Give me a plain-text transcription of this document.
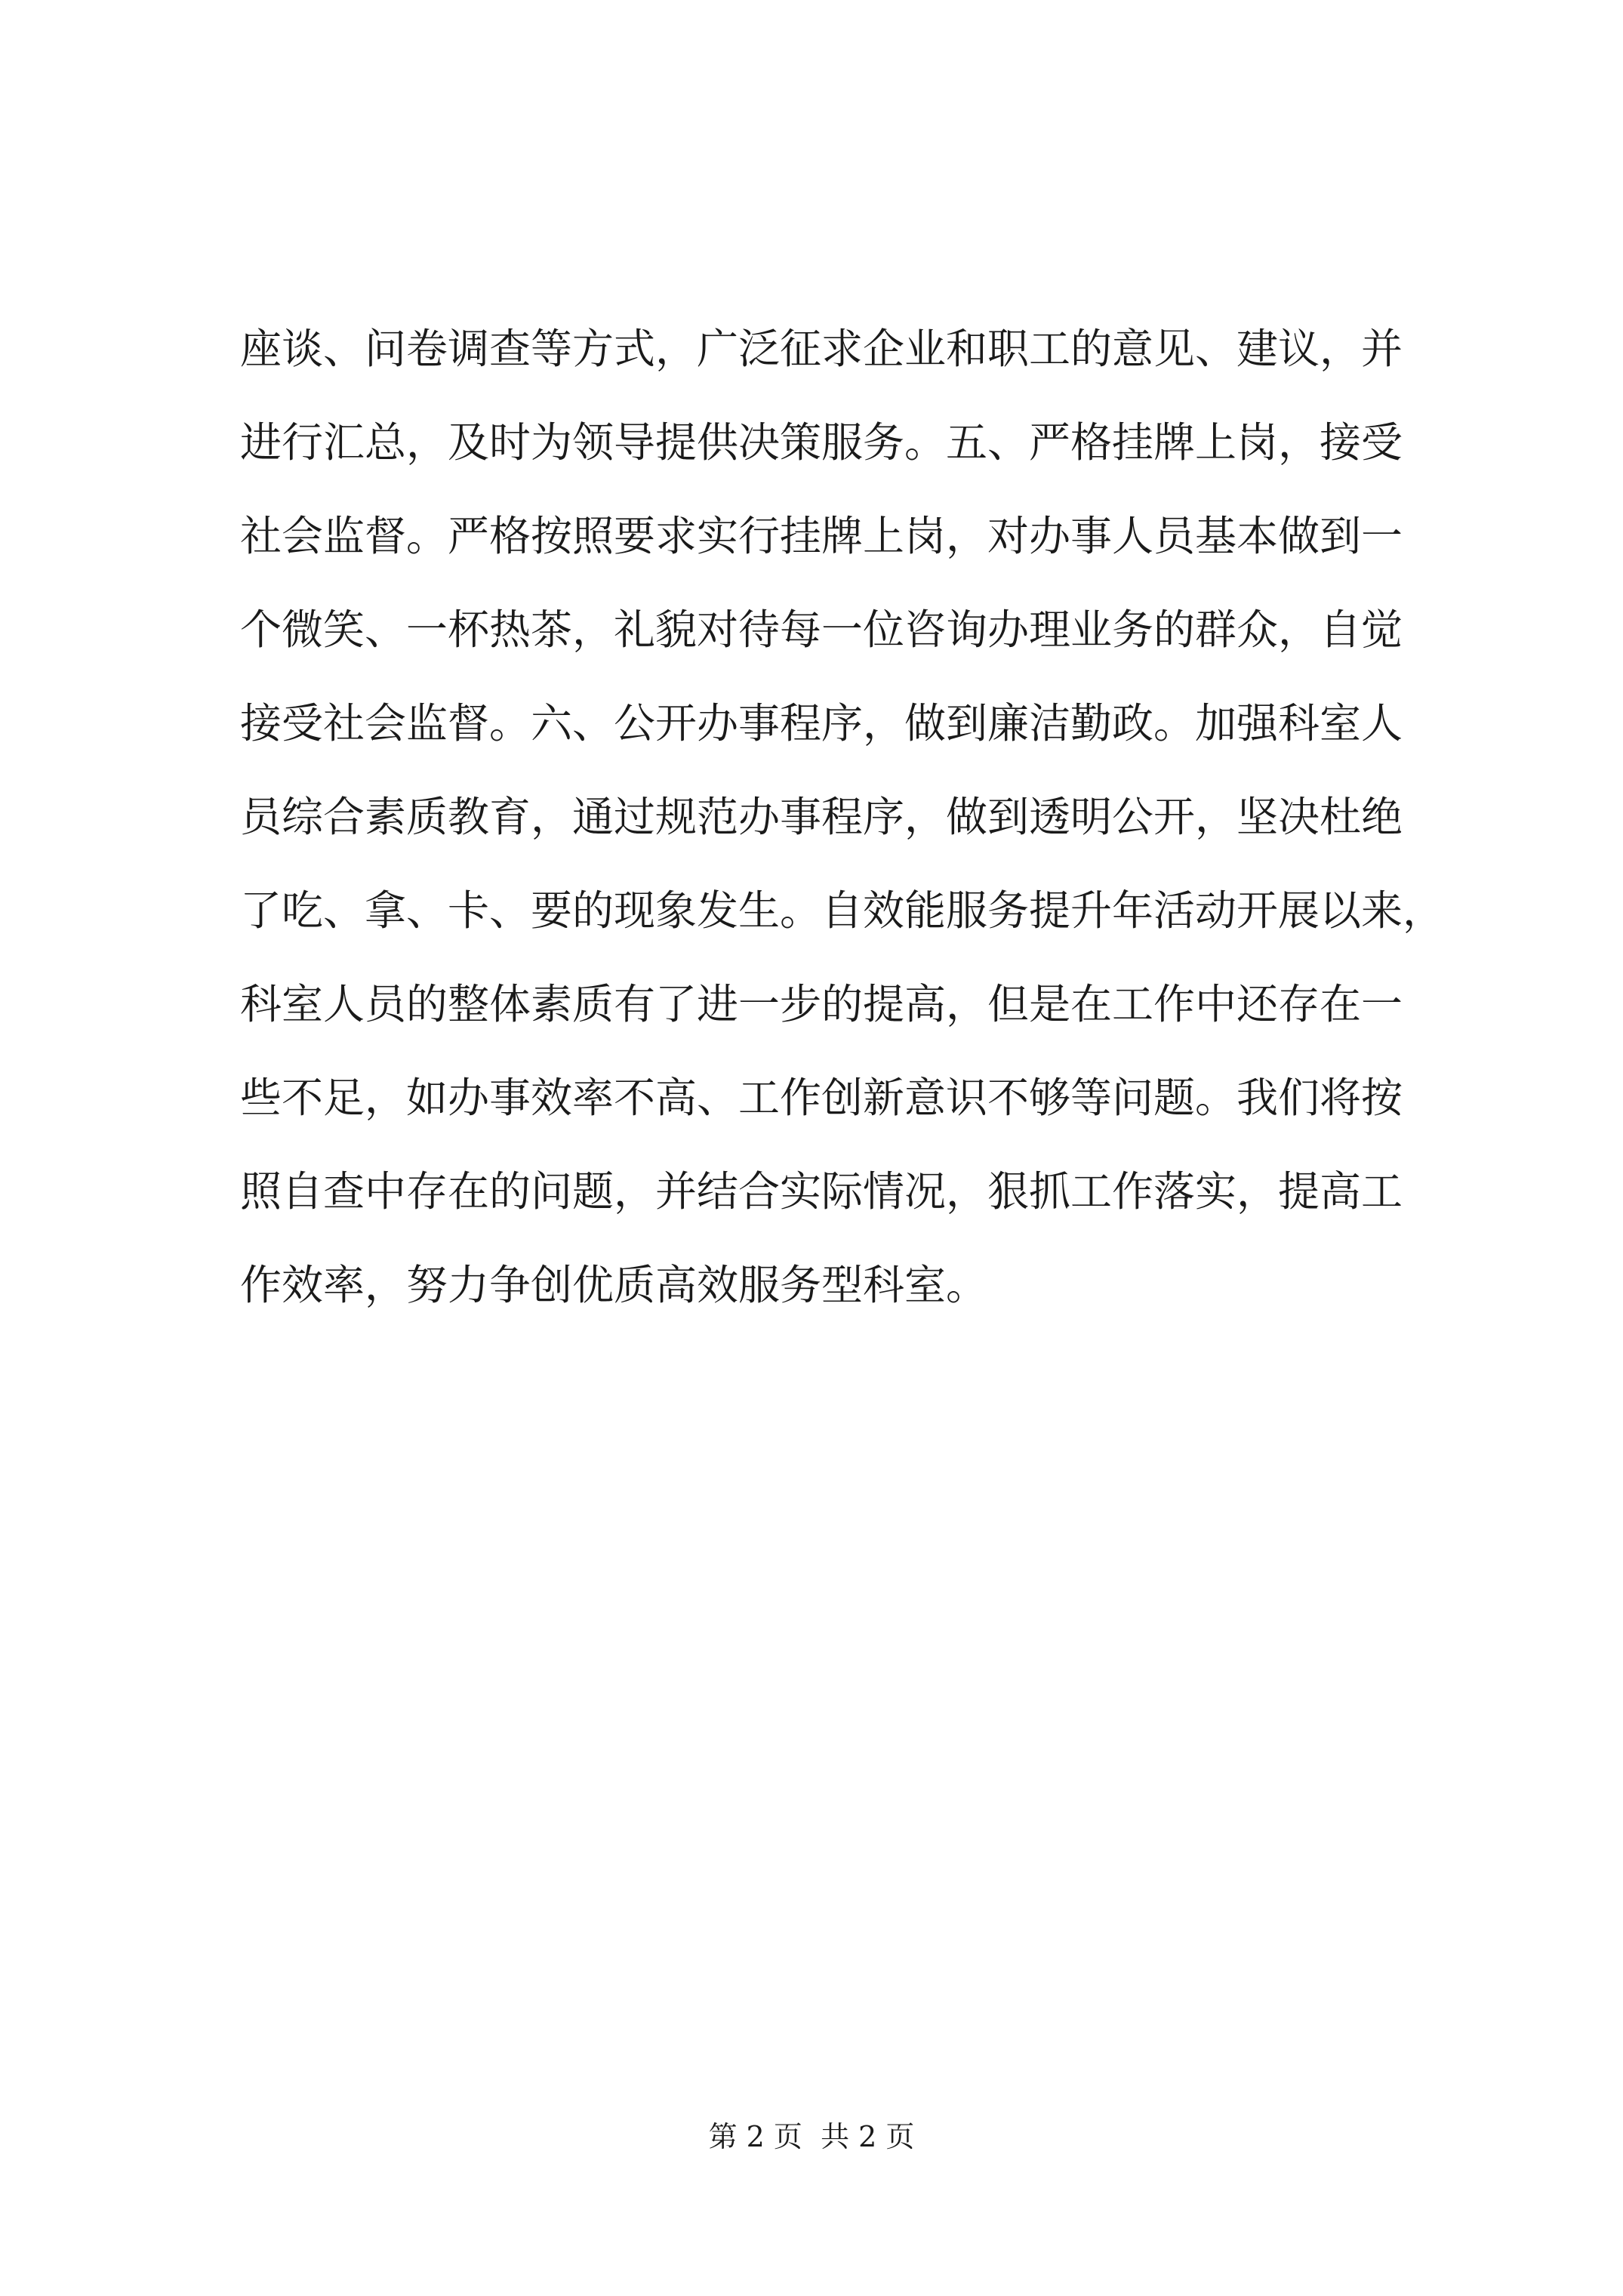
座谈、问卷调查等方式，广泛征求企业和职工的意见、建议，并
进行汇总，及时为领导提供决策服务。五、严格挂牌上岗，接受
社会监督。严格按照要求实行挂牌上岗，对办事人员基本做到一
个微笑、一杯热茶，礼貌对待每一位咨询办理业务的群众，自觉
接受社会监督。六、公开办事程序，做到廉洁勤政。加强科室人
员综合素质教育，通过规范办事程序，做到透明公开，坚决杜绝
了吃、拿、卡、要的现象发生。自效能服务提升年活动开展以来，
科室人员的整体素质有了进一步的提高，但是在工作中还存在一
些不足，如办事效率不高、工作创新意识不够等问题。我们将按
照自查中存在的问题，并结合实际情况，狠抓工作落实，提高工
作效率，努力争创优质高效服务型科室。
第 2 页  共 2 页
